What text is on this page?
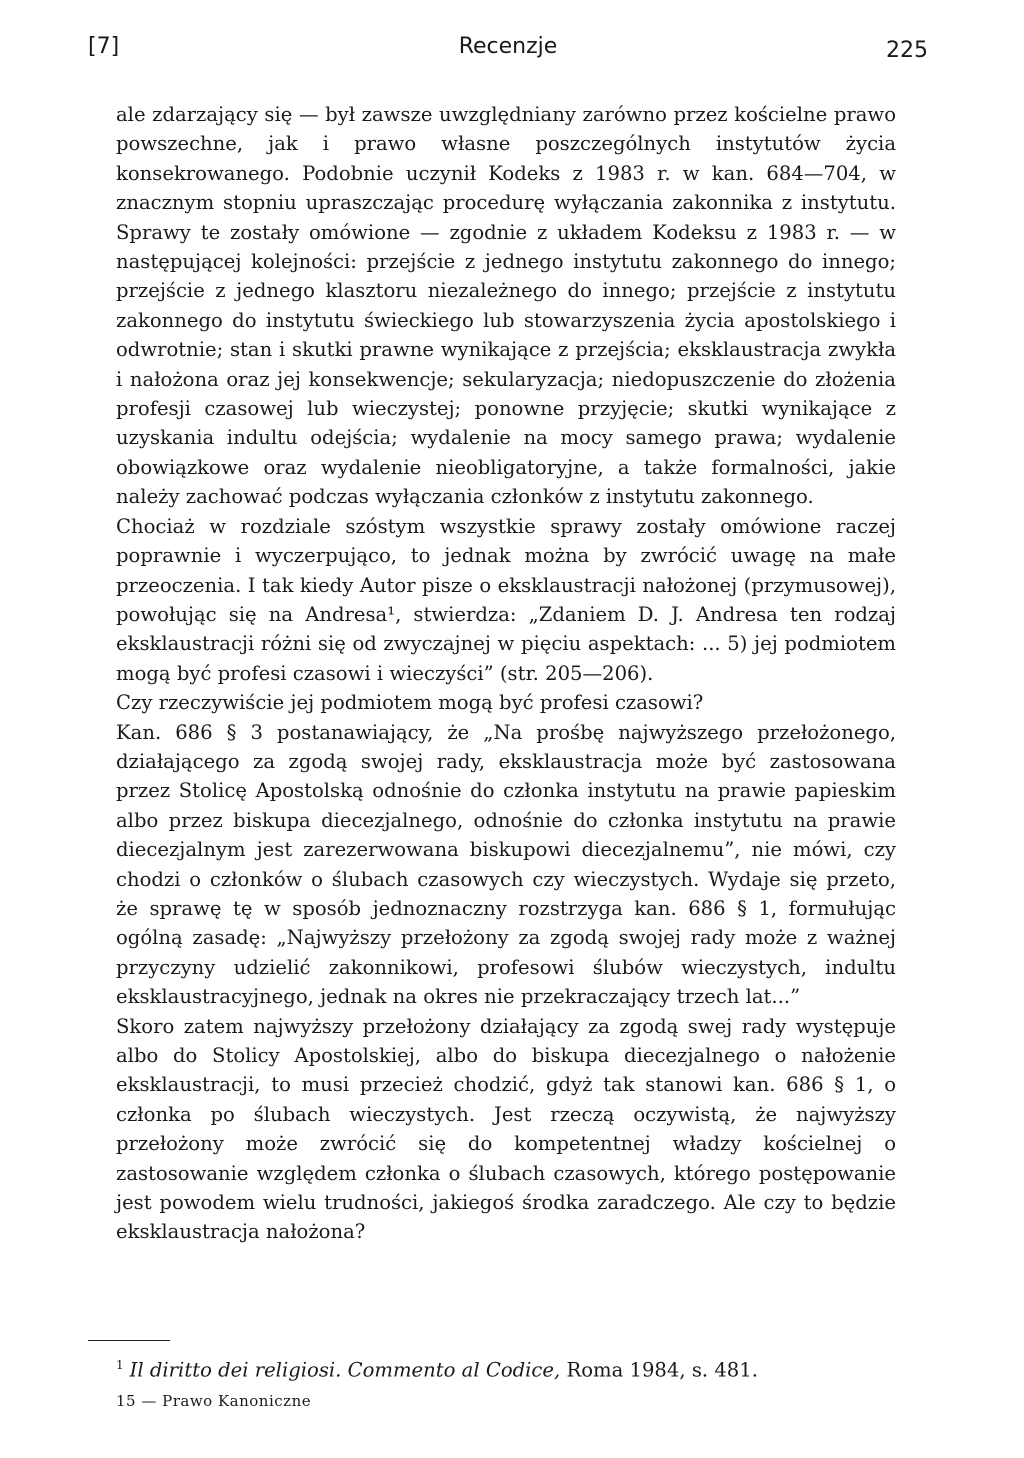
[7]	Recenzje	225

ale zdarzający się — był zawsze uwzględniany zarówno przez kościelne prawo powszechne, jak i prawo własne poszczególnych instytutów życia konsekrowanego. Podobnie uczynił Kodeks z 1983 r. w kan. 684—704, w znacznym stopniu upraszczając procedurę wyłączania zakonnika z instytutu. Sprawy te zostały omówione — zgodnie z układem Kodeksu z 1983 r. — w następującej kolejności: przejście z jednego instytutu zakonnego do innego; przejście z jednego klasztoru niezależnego do innego; przejście z instytutu zakonnego do instytutu świeckiego lub stowarzyszenia życia apostolskiego i odwrotnie; stan i skutki prawne wynikające z przejścia; eksklaustracja zwykła i nałożona oraz jej konsekwencje; sekularyzacja; niedopuszczenie do złożenia profesji czasowej lub wieczystej; ponowne przyjęcie; skutki wynikające z uzyskania indultu odejścia; wydalenie na mocy samego prawa; wydalenie obowiązkowe oraz wydalenie nieobligatoryjne, a także formalności, jakie należy zachować podczas wyłączania członków z instytutu zakonnego.

Chociaż w rozdziale szóstym wszystkie sprawy zostały omówione raczej poprawnie i wyczerpująco, to jednak można by zwrócić uwagę na małe przeoczenia. I tak kiedy Autor pisze o eksklaustracji nałożonej (przymusowej), powołując się na Andresa¹, stwierdza: „Zdaniem D. J. Andresa ten rodzaj eksklaustracji różni się od zwyczajnej w pięciu aspektach: ... 5) jej podmiotem mogą być profesi czasowi i wieczyści” (str. 205—206).

Czy rzeczywiście jej podmiotem mogą być profesi czasowi?

Kan. 686 § 3 postanawiający, że „Na prośbę najwyższego przełożonego, działającego za zgodą swojej rady, eksklaustracja może być zastosowana przez Stolicę Apostolską odnośnie do członka instytutu na prawie papieskim albo przez biskupa diecezjalnego, odnośnie do członka instytutu na prawie diecezjalnym jest zarezerwowana biskupowi diecezjalnemu”, nie mówi, czy chodzi o członków o ślubach czasowych czy wieczystych. Wydaje się przeto, że sprawę tę w sposób jednoznaczny rozstrzyga kan. 686 § 1, formułując ogólną zasadę: „Najwyższy przełożony za zgodą swojej rady może z ważnej przyczyny udzielić zakonnikowi, profesowi ślubów wieczystych, indultu eksklaustracyjnego, jednak na okres nie przekraczający trzech lat...”

Skoro zatem najwyższy przełożony działający za zgodą swej rady występuje albo do Stolicy Apostolskiej, albo do biskupa diecezjalnego o nałożenie eksklaustracji, to musi przecież chodzić, gdyż tak stanowi kan. 686 § 1, o członka po ślubach wieczystych. Jest rzeczą oczywistą, że najwyższy przełożony może zwrócić się do kompetentnej władzy kościelnej o zastosowanie względem członka o ślubach czasowych, którego postępowanie jest powodem wielu trudności, jakiegoś środka zaradczego. Ale czy to będzie eksklaustracja nałożona?

$^1$ Il diritto dei religiosi. Commento al Codice, Roma 1984, s. 481.
15 — Prawo Kanoniczne
